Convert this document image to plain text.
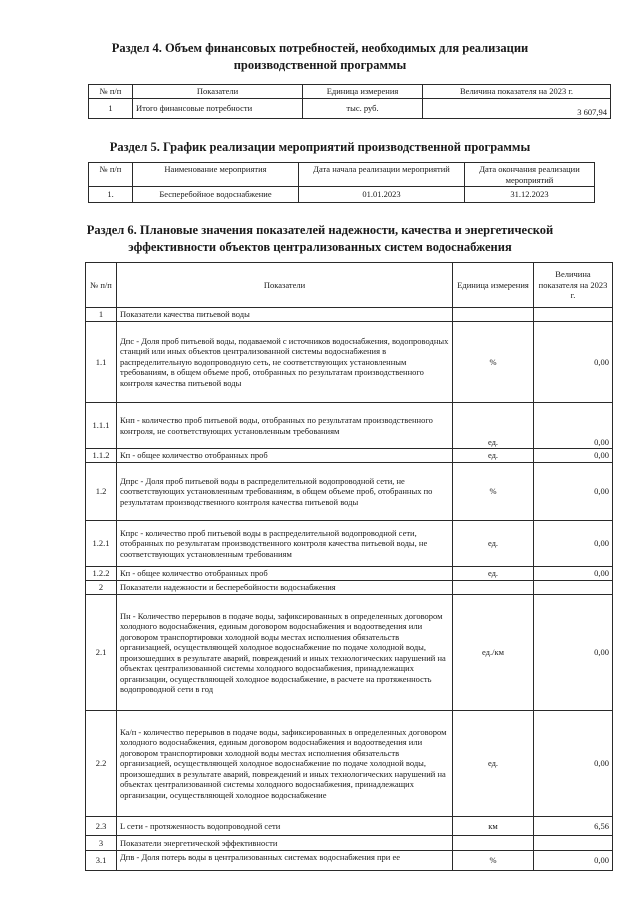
Раздел 4. Объем финансовых потребностей, необходимых для реализации
производственной программы
№ п/п	Показатели	Единица измерения	Величина показателя на 2023 г.
1	Итого финансовые потребности	тыс. руб.	3 607,94
Раздел 5. График реализации мероприятий производственной программы
№ п/п	Наименование мероприятия	Дата начала реализации мероприятий	Дата окончания реализации мероприятий
1.	Бесперебойное водоснабжение	01.01.2023	31.12.2023
Раздел 6. Плановые значения показателей надежности, качества и энергетической
эффективности объектов централизованных систем водоснабжения
№ п/п	Показатели	Единица измерения	Величина показателя на 2023 г.
1	Показатели качества питьевой воды		
1.1	Дпс - Доля проб питьевой воды, подаваемой с источников водоснабжения, водопроводных станций или иных объектов централизованной системы водоснабжения в распределительную водопроводную сеть, не соответствующих установленным требованиям, в общем объеме проб, отобранных по результатам производственного контроля качества питьевой воды	%	0,00
1.1.1	Кнп - количество проб питьевой воды, отобранных по результатам производственного контроля, не соответствующих установленным требованиям	ед.	0,00
1.1.2	Кп - общее количество отобранных проб	ед.	0,00
1.2	Дпрс - Доля проб питьевой воды в распределительной водопроводной сети, не соответствующих установленным требованиям, в общем объеме проб, отобранных по результатам производственного контроля качества питьевой воды	%	0,00
1.2.1	Кпрс - количество проб питьевой воды в распределительной водопроводной сети, отобранных по результатам производственного контроля качества питьевой воды, не соответствующих установленным требованиям	ед.	0,00
1.2.2	Кп - общее количество отобранных проб	ед.	0,00
2	Показатели надежности и бесперебойности водоснабжения		
2.1	Пн - Количество перерывов в подаче воды, зафиксированных в определенных договором холодного водоснабжения, единым договором водоснабжения и водоотведения или договором транспортировки холодной воды местах исполнения обязательств организацией, осуществляющей холодное водоснабжение по подаче холодной воды, произошедших в результате аварий, повреждений и иных технологических нарушений на объектах централизованной системы холодного водоснабжения, принадлежащих организации, осуществляющей холодное водоснабжение, в расчете на протяженность водопроводной сети в год	ед./км	0,00
2.2	Ка/п - количество перерывов в подаче воды, зафиксированных в определенных договором холодного водоснабжения, единым договором водоснабжения и водоотведения или договором транспортировки холодной воды местах исполнения обязательств организацией, осуществляющей холодное водоснабжение по подаче холодной воды, произошедших в результате аварий, повреждений и иных технологических нарушений на объектах централизованной системы холодного водоснабжения, принадлежащих организации, осуществляющей холодное водоснабжение	ед.	0,00
2.3	L сети - протяженность водопроводной сети	км	6,56
3	Показатели энергетической эффективности		
3.1	Дпв - Доля потерь воды в централизованных системах водоснабжения при ее	%	0,00
